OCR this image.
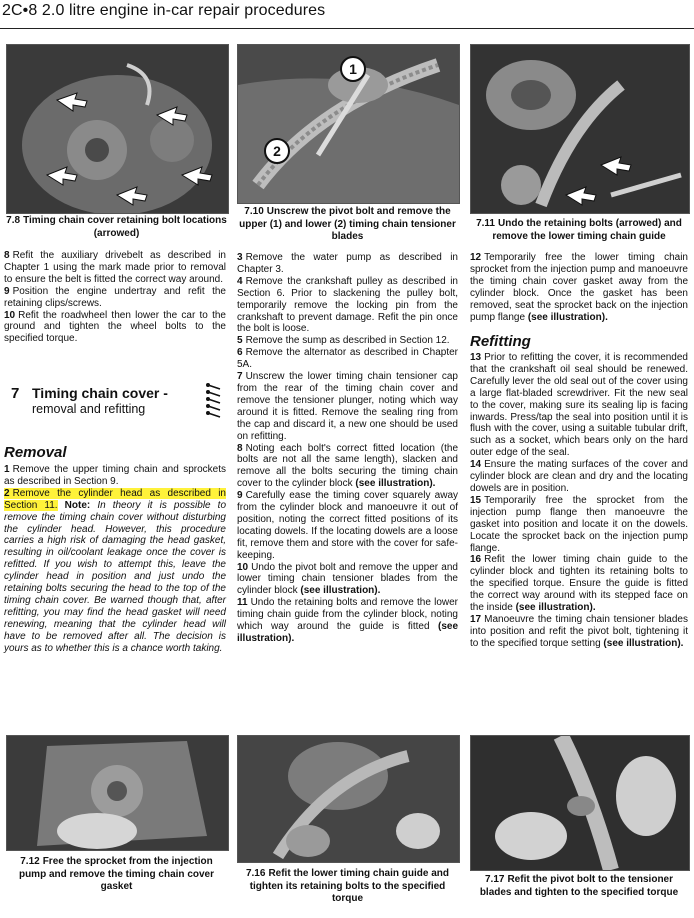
2C•8 2.0 litre engine in-car repair procedures
7.8 Timing chain cover retaining bolt locations (arrowed)
1
2
7.10 Unscrew the pivot bolt and remove the upper (1) and lower (2) timing chain tensioner blades
7.11 Undo the retaining bolts (arrowed) and remove the lower timing chain guide

8 Refit the auxiliary drivebelt as described in Chapter 1 using the mark made prior to removal to ensure the belt is fitted the correct way around.

9 Position the engine undertray and refit the retaining clips/screws.

10 Refit the roadwheel then lower the car to the ground and tighten the wheel bolts to the specified torque.

7 Timing chain cover -
removal and refitting
Removal

1 Remove the upper timing chain and sprockets as described in Section 9.

2 Remove the cylinder head as described in Section 11. Note: In theory it is possible to remove the timing chain cover without disturbing the cylinder head. However, this procedure carries a high risk of damaging the head gasket, resulting in oil/coolant leakage once the cover is refitted. If you wish to attempt this, leave the cylinder head in position and just undo the retaining bolts securing the head to the top of the timing chain cover. Be warned though that, after refitting, you may find the head gasket will need renewing, meaning that the cylinder head will have to be removed after all. The decision is yours as to whether this is a chance worth taking.

3 Remove the water pump as described in Chapter 3.

4 Remove the crankshaft pulley as described in Section 6. Prior to slackening the pulley bolt, temporarily remove the locking pin from the crankshaft to prevent damage. Refit the pin once the bolt is loose.

5 Remove the sump as described in Section 12.

6 Remove the alternator as described in Chapter 5A.

7 Unscrew the lower timing chain tensioner cap from the rear of the timing chain cover and remove the tensioner plunger, noting which way around it is fitted. Remove the sealing ring from the cap and discard it, a new one should be used on refitting.

8 Noting each bolt's correct fitted location (the bolts are not all the same length), slacken and remove all the bolts securing the timing chain cover to the cylinder block (see illustration).

9 Carefully ease the timing cover squarely away from the cylinder block and manoeuvre it out of position, noting the correct fitted positions of its locating dowels. If the locating dowels are a loose fit, remove them and store with the cover for safe-keeping.

10 Undo the pivot bolt and remove the upper and lower timing chain tensioner blades from the cylinder block (see illustration).

11 Undo the retaining bolts and remove the lower timing chain guide from the cylinder block, noting which way around the guide is fitted (see illustration).

12 Temporarily free the lower timing chain sprocket from the injection pump and manoeuvre the timing chain cover gasket away from the cylinder block. Once the gasket has been removed, seat the sprocket back on the injection pump flange (see illustration).

Refitting

13 Prior to refitting the cover, it is recommended that the crankshaft oil seal should be renewed. Carefully lever the old seal out of the cover using a large flat-bladed screwdriver. Fit the new seal to the cover, making sure its sealing lip is facing inwards. Press/tap the seal into position until it is flush with the cover, using a suitable tubular drift, such as a socket, which bears only on the hard outer edge of the seal.

14 Ensure the mating surfaces of the cover and cylinder block are clean and dry and the locating dowels are in position.

15 Temporarily free the sprocket from the injection pump flange then manoeuvre the gasket into position and locate it on the dowels. Locate the sprocket back on the injection pump flange.

16 Refit the lower timing chain guide to the cylinder block and tighten its retaining bolts to the specified torque. Ensure the guide is fitted the correct way around with its stepped face on the inside (see illustration).

17 Manoeuvre the timing chain tensioner blades into position and refit the pivot bolt, tightening it to the specified torque setting (see illustration).

7.12 Free the sprocket from the injection pump and remove the timing chain cover gasket
7.16 Refit the lower timing chain guide and tighten its retaining bolts to the specified torque
7.17 Refit the pivot bolt to the tensioner blades and tighten to the specified torque
